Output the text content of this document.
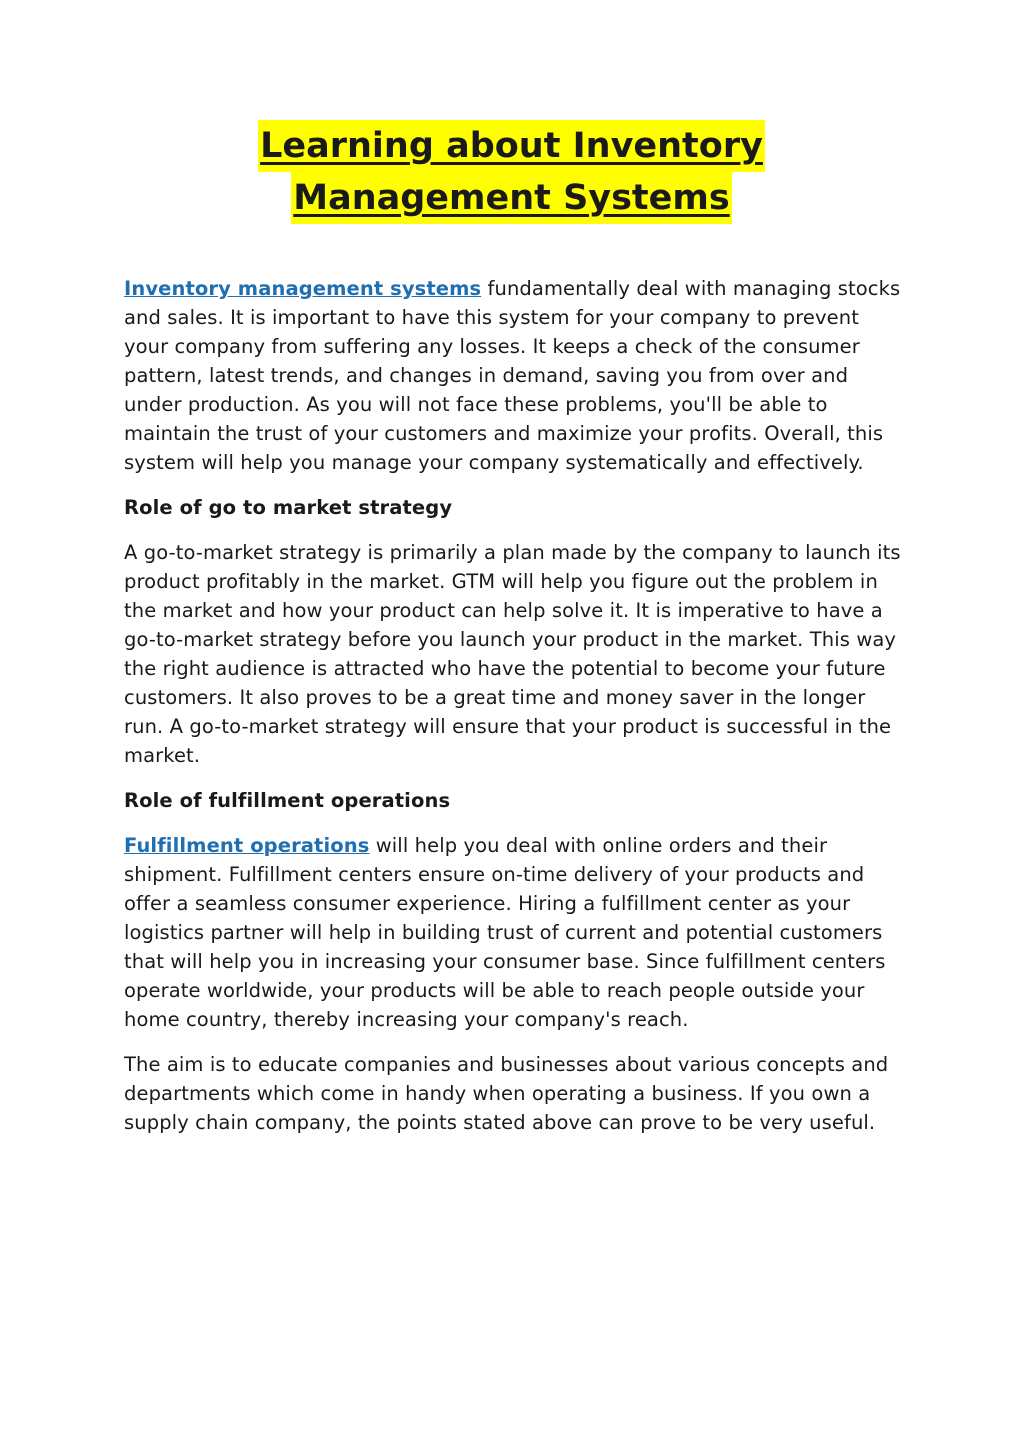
Learning about Inventory
Management Systems

Inventory management systems fundamentally deal with managing stocks and sales. It is important to have this system for your company to prevent your company from suffering any losses. It keeps a check of the consumer pattern, latest trends, and changes in demand, saving you from over and under production. As you will not face these problems, you'll be able to maintain the trust of your customers and maximize your profits. Overall, this system will help you manage your company systematically and effectively.

Role of go to market strategy

A go-to-market strategy is primarily a plan made by the company to launch its product profitably in the market. GTM will help you figure out the problem in the market and how your product can help solve it. It is imperative to have a go-to-market strategy before you launch your product in the market. This way the right audience is attracted who have the potential to become your future customers. It also proves to be a great time and money saver in the longer run. A go-to-market strategy will ensure that your product is successful in the market.

Role of fulfillment operations

Fulfillment operations will help you deal with online orders and their shipment. Fulfillment centers ensure on-time delivery of your products and offer a seamless consumer experience. Hiring a fulfillment center as your logistics partner will help in building trust of current and potential customers that will help you in increasing your consumer base. Since fulfillment centers operate worldwide, your products will be able to reach people outside your home country, thereby increasing your company's reach.

The aim is to educate companies and businesses about various concepts and departments which come in handy when operating a business. If you own a supply chain company, the points stated above can prove to be very useful.
